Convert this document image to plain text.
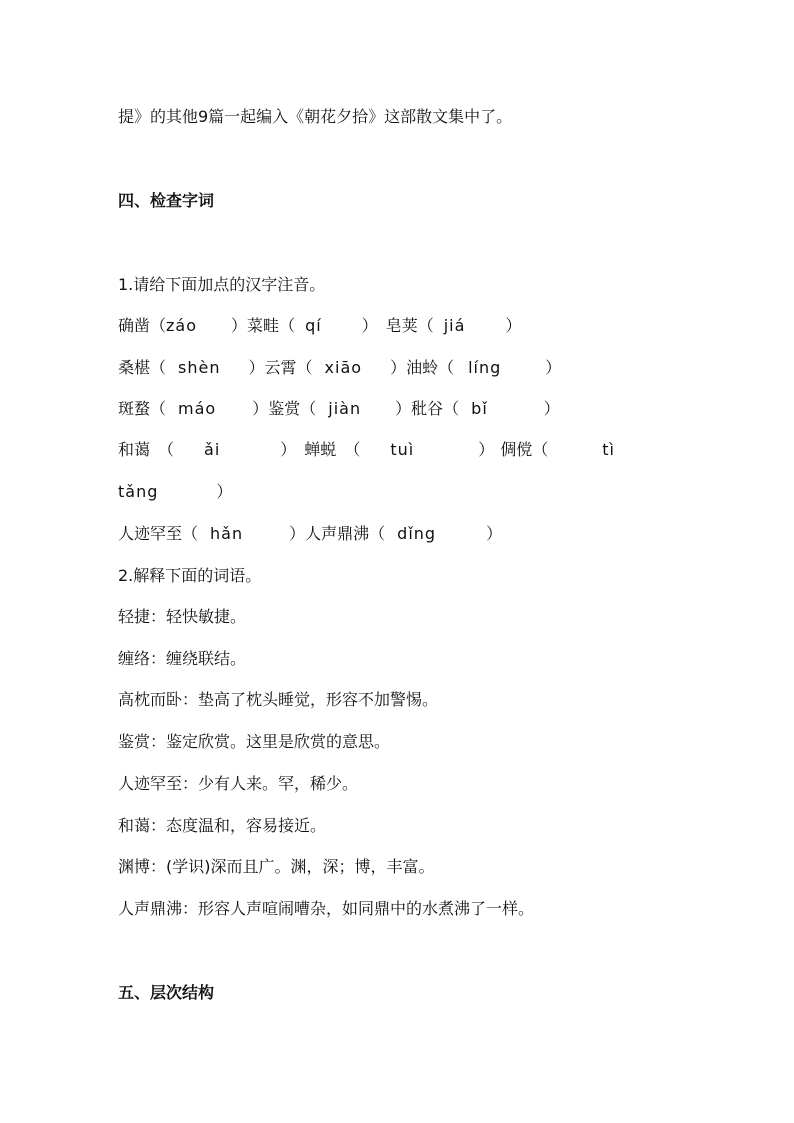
提》的其他9篇一起编入《朝花夕拾》这部散文集中了。

四、检查字词

1.请给下面加点的汉字注音。

确凿（záo ）菜畦（ qí	） 皂荚（ jiá	）

桑椹（ shèn ）云霄（ xiāo ）油蛉（ líng	）

斑蝥（ máo ）鉴赏（ jiàn ）秕谷（ bǐ	）

和蔼 （ ǎi	） 蝉蜕 （ tuì	） 倜傥（	tì

tǎng	）

人迹罕至（ hǎn	）人声鼎沸（ dǐng	）

2.解释下面的词语。

轻捷：轻快敏捷。

缠络：缠绕联结。

高枕而卧：垫高了枕头睡觉，形容不加警惕。

鉴赏：鉴定欣赏。这里是欣赏的意思。

人迹罕至：少有人来。罕，稀少。

和蔼：态度温和，容易接近。

渊博：(学识)深而且广。渊，深；博，丰富。

人声鼎沸：形容人声喧闹嘈杂，如同鼎中的水煮沸了一样。

五、层次结构
